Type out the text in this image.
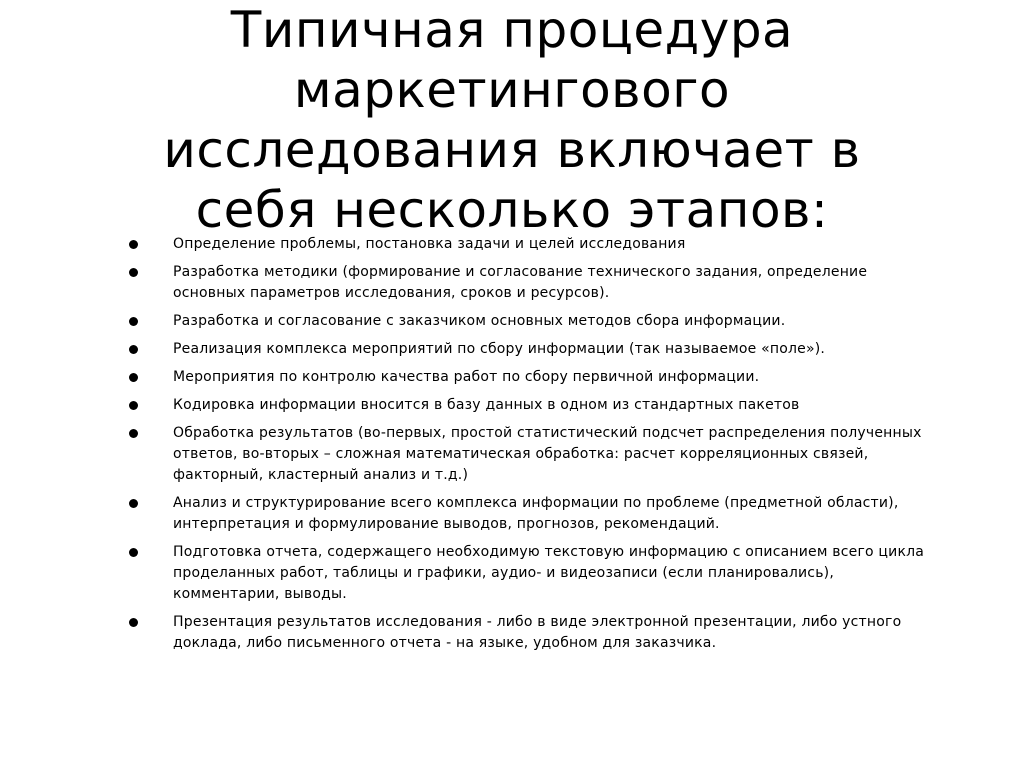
Типичная процедура маркетингового исследования включает в себя несколько этапов:
Определение проблемы, постановка задачи и целей исследования
Разработка методики (формирование и согласование технического задания, определение основных параметров исследования, сроков и ресурсов).
Разработка и согласование с заказчиком основных методов сбора информации.
Реализация комплекса мероприятий по сбору информации (так называемое «поле»).
Мероприятия по контролю качества работ по сбору первичной информации.
Кодировка информации вносится в базу данных в одном из стандартных пакетов
Обработка результатов (во-первых, простой статистический подсчет распределения полученных ответов, во-вторых – сложная математическая обработка: расчет корреляционных связей, факторный, кластерный анализ и т.д.)
Анализ и структурирование всего комплекса информации по проблеме (предметной области), интерпретация и формулирование выводов, прогнозов, рекомендаций.
Подготовка отчета, содержащего необходимую текстовую информацию с описанием всего цикла проделанных работ, таблицы и графики, аудио- и видеозаписи (если планировались), комментарии, выводы.
Презентация результатов исследования - либо в виде электронной презентации, либо устного доклада, либо письменного отчета - на языке, удобном для заказчика.
